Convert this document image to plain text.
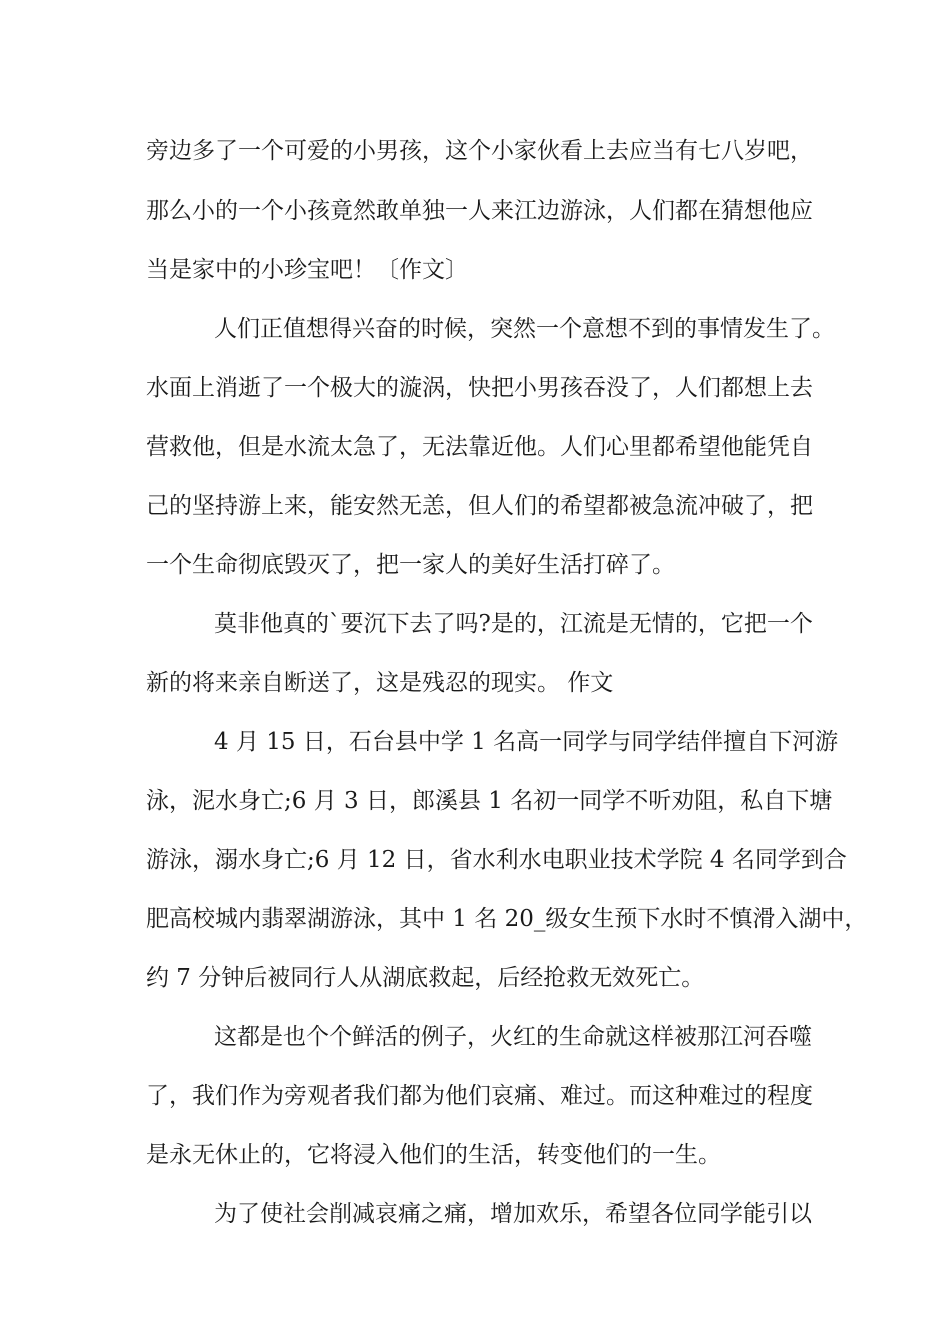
旁边多了一个可爱的小男孩，这个小家伙看上去应当有七八岁吧，
那么小的一个小孩竟然敢单独一人来江边游泳，人们都在猜想他应
当是家中的小珍宝吧！〔作文〕
人们正值想得兴奋的时候，突然一个意想不到的事情发生了。
水面上消逝了一个极大的漩涡，快把小男孩吞没了，人们都想上去
营救他，但是水流太急了，无法靠近他。人们心里都希望他能凭自
己的坚持游上来，能安然无恙，但人们的希望都被急流冲破了，把
一个生命彻底毁灭了，把一家人的美好生活打碎了。
莫非他真的`要沉下去了吗?是的，江流是无情的，它把一个
新的将来亲自断送了，这是残忍的现实。 作文
4 月 15 日，石台县中学 1 名高一同学与同学结伴擅自下河游
泳，泥水身亡;6 月 3 日，郎溪县 1 名初一同学不听劝阻，私自下塘
游泳，溺水身亡;6 月 12 日，省水利水电职业技术学院 4 名同学到合
肥高校城内翡翠湖游泳，其中 1 名 20_级女生预下水时不慎滑入湖中，
约 7 分钟后被同行人从湖底救起，后经抢救无效死亡。
这都是也个个鲜活的例子，火红的生命就这样被那江河吞噬
了，我们作为旁观者我们都为他们哀痛、难过。而这种难过的程度
是永无休止的，它将浸入他们的生活，转变他们的一生。
为了使社会削减哀痛之痛，增加欢乐，希望各位同学能引以
